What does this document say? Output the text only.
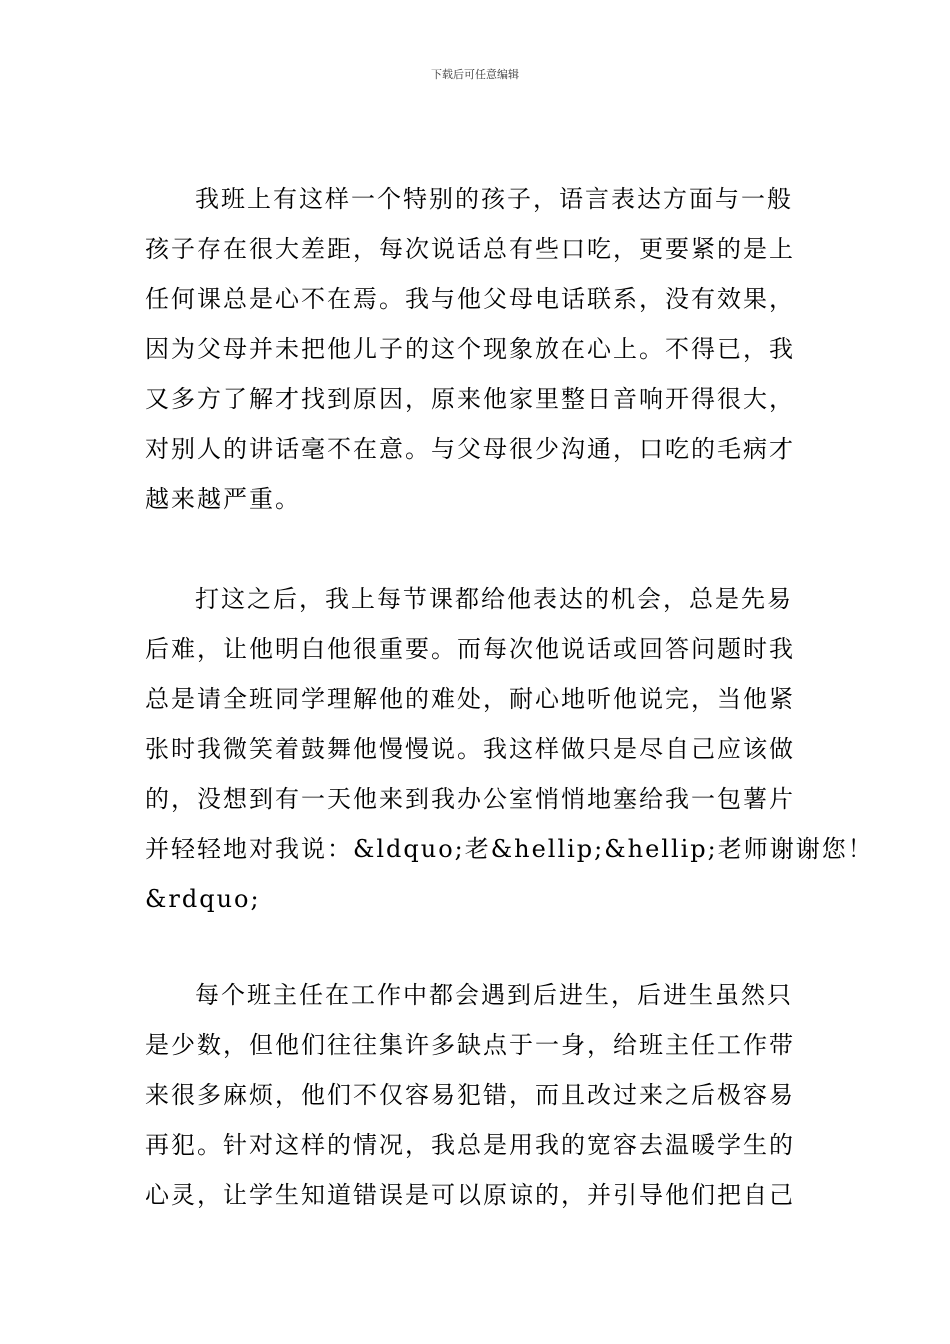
下载后可任意编辑
我班上有这样一个特别的孩子，语言表达方面与一般
孩子存在很大差距，每次说话总有些口吃，更要紧的是上
任何课总是心不在焉。我与他父母电话联系，没有效果，
因为父母并未把他儿子的这个现象放在心上。不得已，我
又多方了解才找到原因，原来他家里整日音响开得很大，
对别人的讲话毫不在意。与父母很少沟通，口吃的毛病才
越来越严重。
打这之后，我上每节课都给他表达的机会，总是先易
后难，让他明白他很重要。而每次他说话或回答问题时我
总是请全班同学理解他的难处，耐心地听他说完，当他紧
张时我微笑着鼓舞他慢慢说。我这样做只是尽自己应该做
的，没想到有一天他来到我办公室悄悄地塞给我一包薯片
并轻轻地对我说：&ldquo;老&hellip;&hellip;老师谢谢您！
&rdquo;
每个班主任在工作中都会遇到后进生，后进生虽然只
是少数，但他们往往集许多缺点于一身，给班主任工作带
来很多麻烦，他们不仅容易犯错，而且改过来之后极容易
再犯。针对这样的情况，我总是用我的宽容去温暖学生的
心灵，让学生知道错误是可以原谅的，并引导他们把自己
